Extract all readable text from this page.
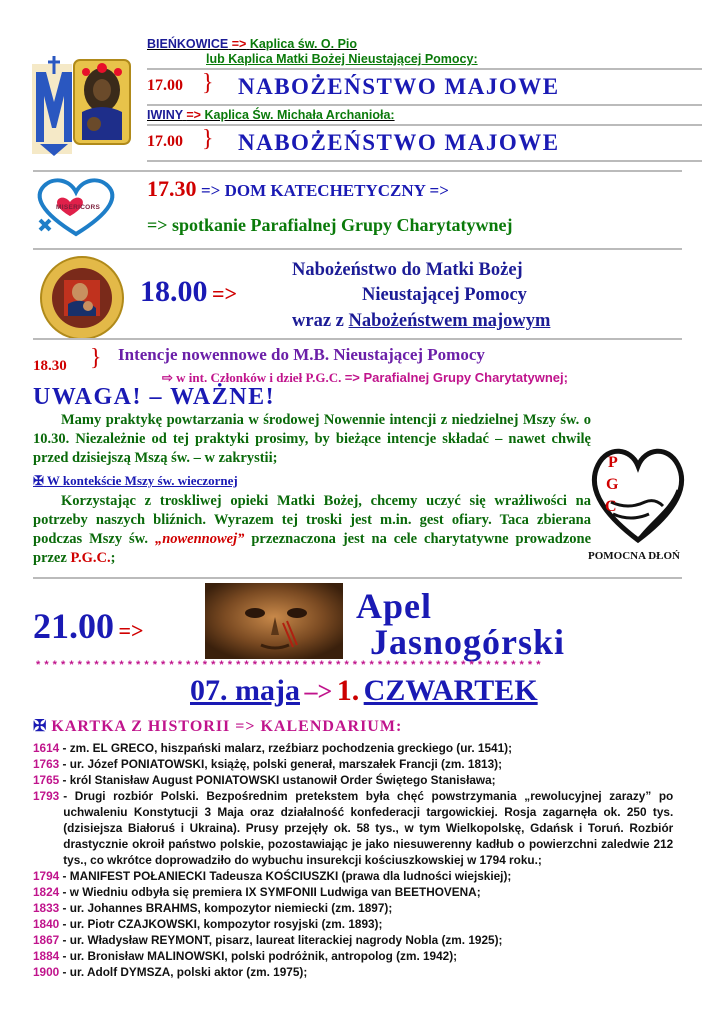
BIEŃKOWICE => Kaplica św. O. Pio
lub Kaplica Matki Bożej Nieustającej Pomocy:
17.00 } NABOŻEŃSTWO MAJOWE
IWINY => Kaplica Św. Michała Archanioła:
17.00 } NABOŻEŃSTWO MAJOWE
MISERICORS
17.30 => DOM KATECHETYCZNY =>
=> spotkanie Parafialnej Grupy Charytatywnej
18.00 =>
Nabożeństwo do Matki Bożej
Nieustającej Pomocy
wraz z Nabożeństwem majowym
18.30 } Intencje nowennowe do M.B. Nieustającej Pomocy
⇨ w int. Członków i dzieł P.G.C. => Parafialnej Grupy Charytatywnej;
UWAGA! – WAŻNE!

Mamy praktykę powtarzania w środowej Nowennie intencji z niedzielnej Mszy św. o 10.30. Niezależnie od tej praktyki prosimy, by bieżące intencje składać – nawet chwilę przed dzisiejszą Mszą św. – w zakrystii;

✠ W kontekście Mszy św. wieczornej

Korzystając z troskliwej opieki Matki Bożej, chcemy uczyć się wrażliwości na potrzeby naszych bliźnich. Wyrazem tej troski jest m.in. gest ofiary. Taca zbierana podczas Mszy św. „nowennowej” przeznaczona jest na cele charytatywne prowadzone przez P.G.C.;

P
G
C
POMOCNA DŁOŃ
21.00 =>
Apel
Jasnogórski
* * * * * * * * * * * * * * * * * * * * * * * * * * * * * * * * * * * * * * * * * * * * * * * * * * * * * * * * * * * * *
07. maja –> 1. CZWARTEK
✠ KARTKA Z HISTORII => KALENDARIUM:
1614 - zm. EL GRECO, hiszpański malarz, rzeźbiarz pochodzenia greckiego (ur. 1541);
1763 - ur. Józef PONIATOWSKI, książę, polski generał, marszałek Francji (zm. 1813);
1765 - król Stanisław August PONIATOWSKI ustanowił Order Świętego Stanisława;
1793 - Drugi rozbiór Polski. Bezpośrednim pretekstem była chęć powstrzymania „rewolucyjnej zarazy” po uchwaleniu Konstytucji 3 Maja oraz działalność konfederacji targowickiej. Rosja zagarnęła ok. 250 tys. (dzisiejsza Białoruś i Ukraina). Prusy przejęły ok. 58 tys., w tym Wielkopolskę, Gdańsk i Toruń. Rozbiór drastycznie okroił państwo polskie, pozostawiając je jako niesuwerenny kadłub o powierzchni zaledwie 212 tys., co wkrótce doprowadziło do wybuchu insurekcji kościuszkowskiej w 1794 roku.;
1794 - MANIFEST POŁANIECKI Tadeusza KOŚCIUSZKI (prawa dla ludności wiejskiej);
1824 - w Wiedniu odbyła się premiera IX SYMFONII Ludwiga van BEETHOVENA;
1833 - ur. Johannes BRAHMS, kompozytor niemiecki (zm. 1897);
1840 - ur. Piotr CZAJKOWSKI, kompozytor rosyjski (zm. 1893);
1867 - ur. Władysław REYMONT, pisarz, laureat literackiej nagrody Nobla (zm. 1925);
1884 - ur. Bronisław MALINOWSKI, polski podróżnik, antropolog (zm. 1942);
1900 - ur. Adolf DYMSZA, polski aktor (zm. 1975);
